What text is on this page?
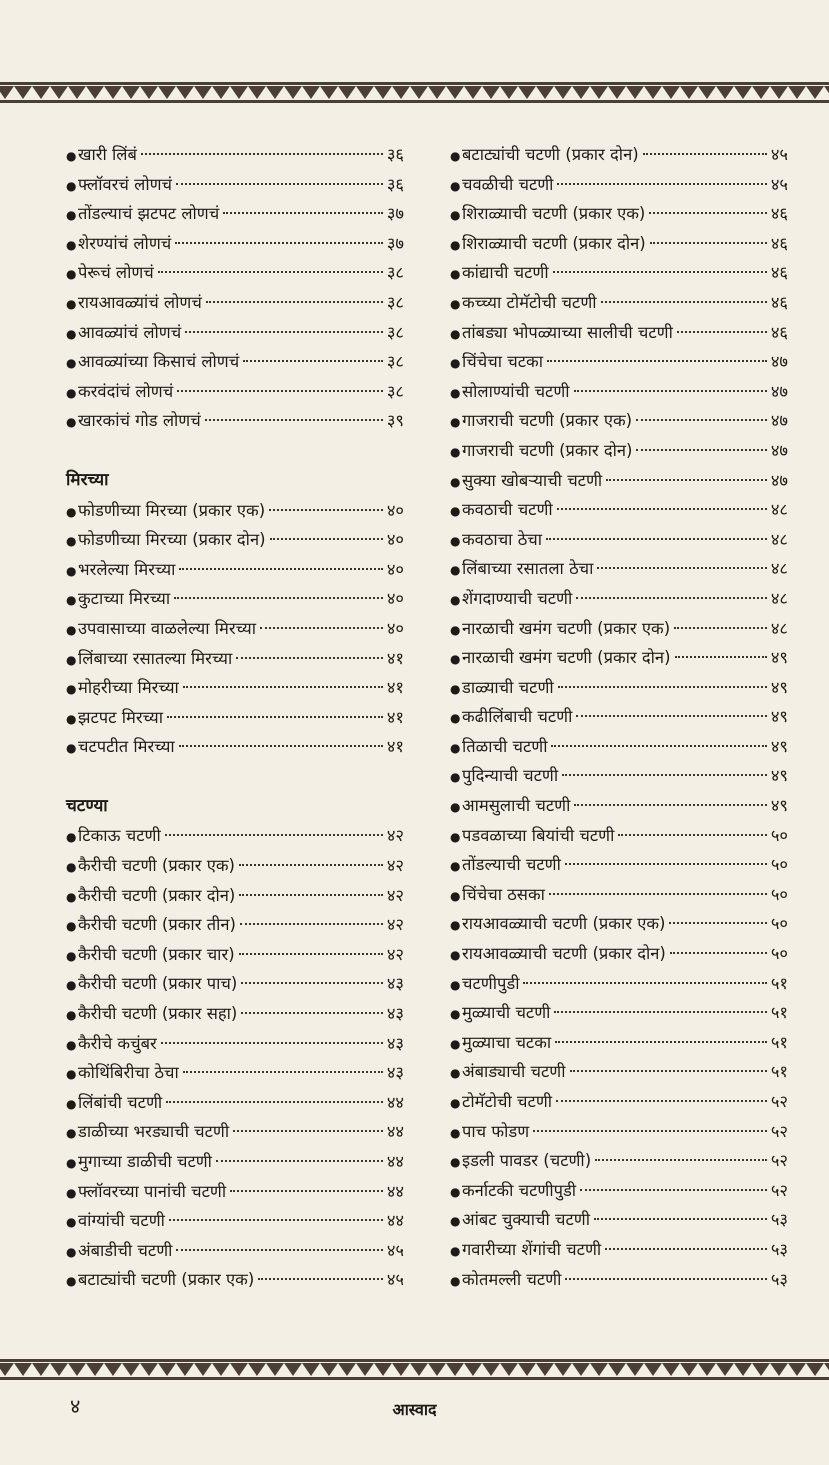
● खारी लिंबं	३६
● फ्लॉवरचं लोणचं	३६
● तोंडल्याचं झटपट लोणचं	३७
● शेरण्यांचं लोणचं	३७
● पेरूचं लोणचं	३८
● रायआवळ्यांचं लोणचं	३८
● आवळ्यांचं लोणचं	३८
● आवळ्यांच्या किसाचं लोणचं	३८
● करवंदांचं लोणचं	३८
● खारकांचं गोड लोणचं	३९
मिरच्या
● फोडणीच्या मिरच्या (प्रकार एक)	४०
● फोडणीच्या मिरच्या (प्रकार दोन)	४०
● भरलेल्या मिरच्या	४०
● कुटाच्या मिरच्या	४०
● उपवासाच्या वाळलेल्या मिरच्या	४०
● लिंबाच्या रसातल्या मिरच्या	४१
● मोहरीच्या मिरच्या	४१
● झटपट मिरच्या	४१
● चटपटीत मिरच्या	४१
चटण्या
● टिकाऊ चटणी	४२
● कैरीची चटणी (प्रकार एक)	४२
● कैरीची चटणी (प्रकार दोन)	४२
● कैरीची चटणी (प्रकार तीन)	४२
● कैरीची चटणी (प्रकार चार)	४२
● कैरीची चटणी (प्रकार पाच)	४३
● कैरीची चटणी (प्रकार सहा)	४३
● कैरीचे कचुंबर	४३
● कोथिंबिरीचा ठेचा	४३
● लिंबांची चटणी	४४
● डाळीच्या भरड्याची चटणी	४४
● मुगाच्या डाळीची चटणी	४४
● फ्लॉवरच्या पानांची चटणी	४४
● वांग्यांची चटणी	४४
● अंबाडीची चटणी	४५
● बटाट्यांची चटणी (प्रकार एक)	४५
● बटाट्यांची चटणी (प्रकार दोन)	४५
● चवळीची चटणी	४५
● शिराळ्याची चटणी (प्रकार एक)	४६
● शिराळ्याची चटणी (प्रकार दोन)	४६
● कांद्याची चटणी	४६
● कच्च्या टोमॅटोची चटणी	४६
● तांबड्या भोपळ्याच्या सालीची चटणी	४६
● चिंचेचा चटका	४७
● सोलाण्यांची चटणी	४७
● गाजराची चटणी (प्रकार एक)	४७
● गाजराची चटणी (प्रकार दोन)	४७
● सुक्या खोबऱ्याची चटणी	४७
● कवठाची चटणी	४८
● कवठाचा ठेचा	४८
● लिंबाच्या रसातला ठेचा	४८
● शेंगदाण्याची चटणी	४८
● नारळाची खमंग चटणी (प्रकार एक)	४८
● नारळाची खमंग चटणी (प्रकार दोन)	४९
● डाळ्याची चटणी	४९
● कढीलिंबाची चटणी	४९
● तिळाची चटणी	४९
● पुदिन्याची चटणी	४९
● आमसुलाची चटणी	४९
● पडवळाच्या बियांची चटणी	५०
● तोंडल्याची चटणी	५०
● चिंचेचा ठसका	५०
● रायआवळ्याची चटणी (प्रकार एक)	५०
● रायआवळ्याची चटणी (प्रकार दोन)	५०
● चटणीपुडी	५१
● मुळ्याची चटणी	५१
● मुळ्याचा चटका	५१
● अंबाड्याची चटणी	५१
● टोमॅटोची चटणी	५२
● पाच फोडण	५२
● इडली पावडर (चटणी)	५२
● कर्नाटकी चटणीपुडी	५२
● आंबट चुक्याची चटणी	५३
● गवारीच्या शेंगांची चटणी	५३
● कोतमल्ली चटणी	५३
४	आस्वाद
